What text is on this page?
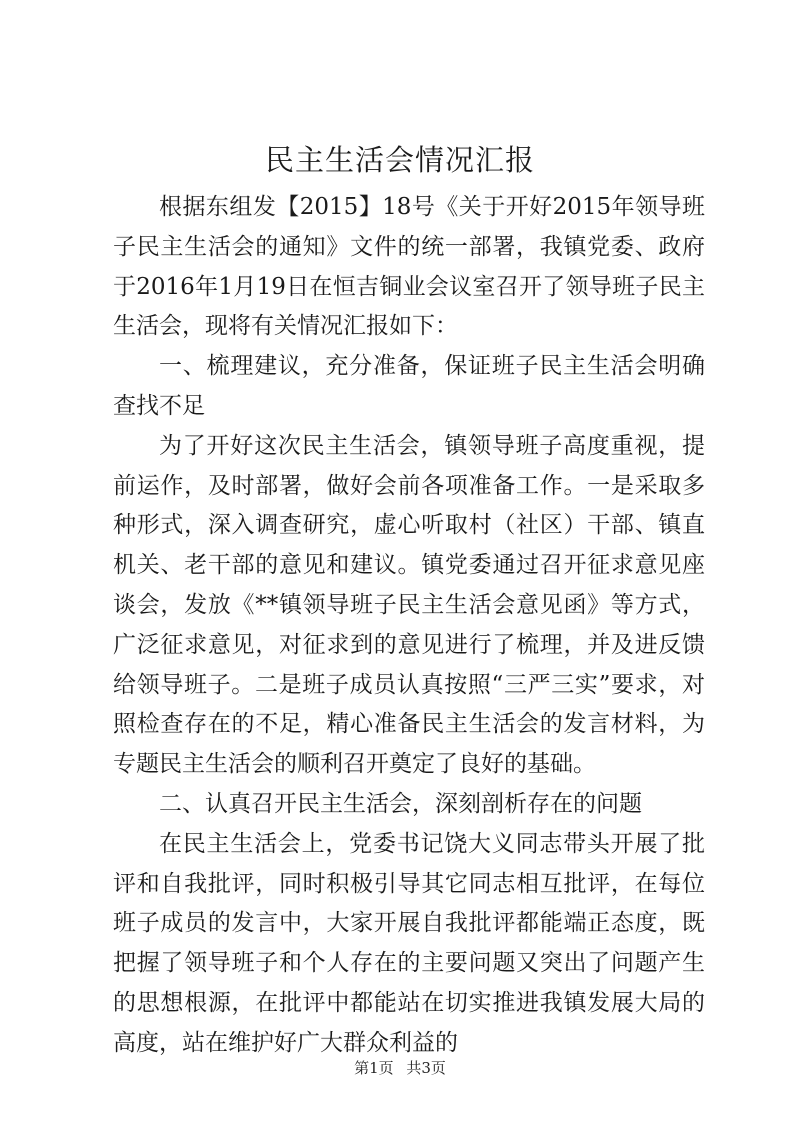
民主生活会情况汇报

根据东组发【2015】18号《关于开好2015年领导班子民主生活会的通知》文件的统一部署，我镇党委、政府于2016年1月19日在恒吉铜业会议室召开了领导班子民主生活会，现将有关情况汇报如下：

一、梳理建议，充分准备，保证班子民主生活会明确查找不足

为了开好这次民主生活会，镇领导班子高度重视，提前运作，及时部署，做好会前各项准备工作。一是采取多种形式，深入调查研究，虚心听取村（社区）干部、镇直机关、老干部的意见和建议。镇党委通过召开征求意见座谈会，发放《**镇领导班子民主生活会意见函》等方式，广泛征求意见，对征求到的意见进行了梳理，并及进反馈给领导班子。二是班子成员认真按照“三严三实”要求，对照检查存在的不足，精心准备民主生活会的发言材料，为专题民主生活会的顺利召开奠定了良好的基础。

二、认真召开民主生活会，深刻剖析存在的问题

在民主生活会上，党委书记饶大义同志带头开展了批评和自我批评，同时积极引导其它同志相互批评，在每位班子成员的发言中，大家开展自我批评都能端正态度，既把握了领导班子和个人存在的主要问题又突出了问题产生的思想根源，在批评中都能站在切实推进我镇发展大局的高度，站在维护好广大群众利益的

第1页 共3页
